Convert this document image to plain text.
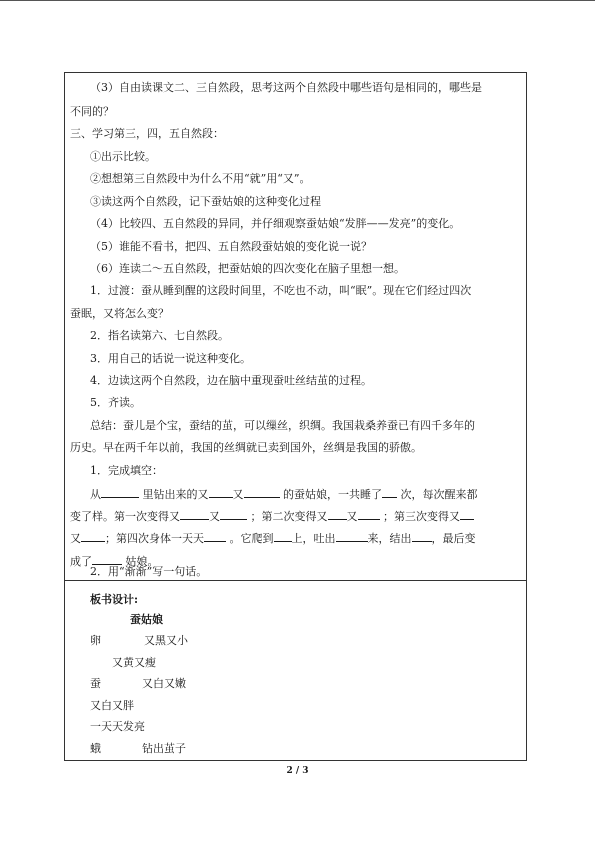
（3）自由读课文二、三自然段，思考这两个自然段中哪些语句是相同的，哪些是
不同的？
三、学习第三，四，五自然段：
①出示比较。
②想想第三自然段中为什么不用“就”用“又”。
③读这两个自然段，记下蚕姑娘的这种变化过程
（4）比较四、五自然段的异同，并仔细观察蚕姑娘“发胖——发亮”的变化。
（5）谁能不看书，把四、五自然段蚕姑娘的变化说一说？
（6）连读二～五自然段，把蚕姑娘的四次变化在脑子里想一想。
1．过渡：蚕从睡到醒的这段时间里，不吃也不动，叫“眠”。现在它们经过四次
蚕眠，又将怎么变？
2．指名读第六、七自然段。
3．用自己的话说一说这种变化。
4．边读这两个自然段，边在脑中重现蚕吐丝结茧的过程。
5．齐读。
总结：蚕儿是个宝，蚕结的茧，可以缫丝，织绸。我国栽桑养蚕已有四千多年的
历史。早在两千年以前，我国的丝绸就已卖到国外，丝绸是我国的骄傲。
1．完成填空：
从	里钻出来的又 又	的蚕姑娘，一共睡了 次，每次醒来都
变了样。第一次变得又	又 ；第二次变得又 又 ；第三次变得又
又 ；第四次身体一天天 。它爬到 上，吐出	来，结出 ，最后变
成了	姑娘。
2．用“渐渐”写一句话。
板书设计:
蚕姑娘
卵	又黑又小
又黄又瘦
蚕	又白又嫩
又白又胖
一天天发亮
蛾	钻出茧子
2 / 3
